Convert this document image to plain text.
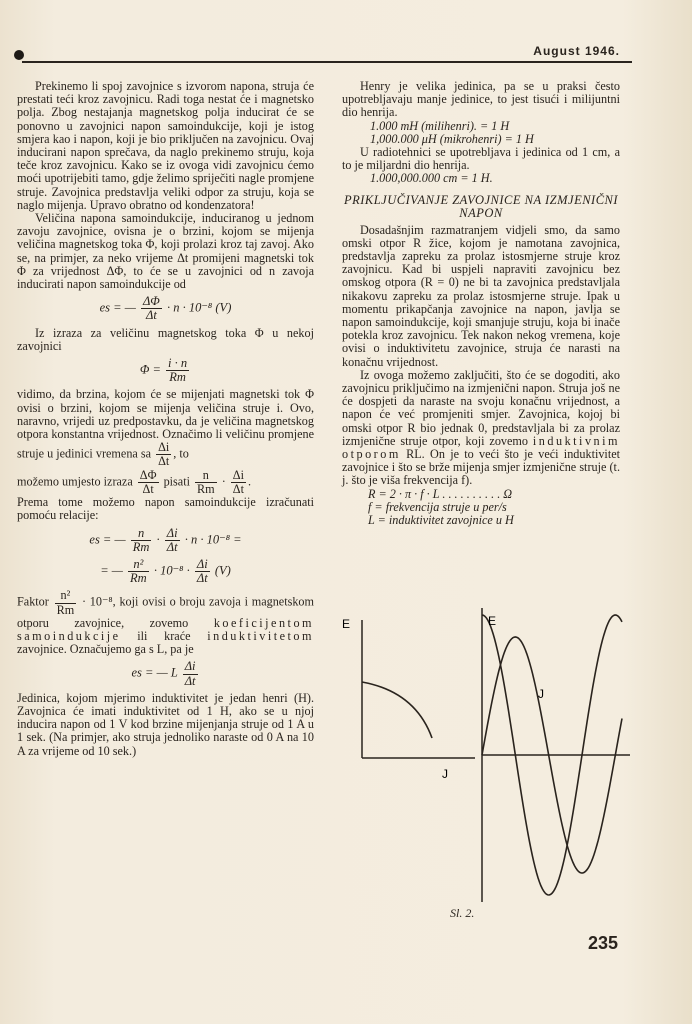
August 1946.

Prekinemo li spoj zavojnice s izvorom napona, struja će prestati teći kroz zavojnicu. Radi toga nestat će i magnetsko polja. Zbog nestajanja magnetskog polja inducirat će se ponovno u zavojnici napon samoindukcije, koji je istog smjera kao i napon, koji je bio priključen na zavojnicu. Ovaj inducirani napon sprečava, da naglo prekinemo struju, koja teče kroz zavojnicu. Kako se iz ovoga vidi zavojnicu ćemo moći upotrijebiti tamo, gdje želimo spriječiti nagle promjene struje. Zavojnica predstavlja veliki odpor za struju, koja se naglo mijenja. Upravo obratno od kondenzatora!

Veličina napona samoindukcije, induciranog u jednom zavoju zavojnice, ovisna je o brzini, kojom se mijenja veličina magnetskog toka Φ, koji prolazi kroz taj zavoj. Ako se, na primjer, za neko vrijeme Δt promijeni magnetski tok Φ za vrijednost ΔΦ, to će se u zavojnici od n zavoja inducirati napon samoindukcije od

es = — $\frac{\Delta\Phi}{\Delta t} \cdot n \cdot 10^{-8}$ (V)

Iz izraza za veličinu magnetskog toka Φ u nekoj zavojnici

$\Phi = \frac{i \cdot n}{Rm}$

vidimo, da brzina, kojom će se mijenjati magnetski tok Φ ovisi o brzini, kojom se mijenja veličina struje i. Ovo, naravno, vrijedi uz predpostavku, da je veličina magnetskog otpora konstantna vrijednost. Označimo li veličinu promjene struje u jedinici vremena sa $\frac{\Delta i}{\Delta t}$ , to

možemo umjesto izraza $\frac{\Delta\Phi}{\Delta t}$ pisati $\frac{n}{Rm} \cdot \frac{\Delta i}{\Delta t}$ .

Prema tome možemo napon samoindukcije izračunati pomoću relacije:

es = — $\frac{n}{Rm} \cdot \frac{\Delta i}{\Delta t} \cdot n \cdot 10^{-8}$ =
= — $\frac{\text{n²}}{Rm} \cdot 10^{-8} \cdot \frac{\Delta i}{\Delta t} (V)$

Faktor $\frac{\text{n²}}{Rm} \cdot 10^{-8}$, koji ovisi o broju zavoja i magnetskom otporu zavojnice, zovemo koeficijentom samoindukcije ili kraće induktivitetom zavojnice. Označujemo ga s L, pa je

es = — L $\frac{\Delta i}{\Delta t}$

Jedinica, kojom mjerimo induktivitet je jedan henri (H). Zavojnica će imati induktivitet od 1 H, ako se u njoj inducira napon od 1 V kod brzine mijenjanja struje od 1 A u 1 sek. (Na primjer, ako struja jednoliko naraste od 0 A na 10 A za vrijeme od 10 sek.)

Henry je velika jedinica, pa se u praksi često upotrebljavaju manje jedinice, to jest tisući i milijuntni dio henrija.

1.000 mH (milihenri). = 1 H
1,000.000 μH (mikrohenri) = 1 H

U radiotehnici se upotrebljava i jedinica od 1 cm, a to je miljardni dio henrija.

1.000,000.000 cm = 1 H.
PRIKLJUČIVANJE ZAVOJNICE NA IZMJENIČNI NAPON

Dosadašnjim razmatranjem vidjeli smo, da samo omski otpor R žice, kojom je namotana zavojnica, predstavlja zapreku za prolaz istosmjerne struje kroz zavojnicu. Kad bi uspjeli napraviti zavojnicu bez omskog otpora (R = 0) ne bi ta zavojnica predstavljala nikakovu zapreku za prolaz istosmjerne struje. Ipak u momentu prikapčanja zavojnice na napon, javlja se napon samoindukcije, koji smanjuje struju, koja bi inače potekla kroz zavojnicu. Tek nakon nekog vremena, koje ovisi o induktivitetu zavojnice, struja će narasti na konačnu vrijednost.

Iz ovoga možemo zaključiti, što će se dogoditi, ako zavojnicu priključimo na izmjenični napon. Struja još ne će dospjeti da naraste na svoju konačnu vrijednost, a napon će već promjeniti smjer. Zavojnica, kojoj bi omski otpor R bio jednak 0, predstavljala bi za prolaz izmjenične struje otpor, koji zovemo induktivnim otporom RL. On je to veći što je veći induktivitet zavojnice i što se brže mijenja smjer izmjenične struje (t. j. što je viša frekvencija f).

R = 2 · π · f · L . . . . . . . . . . Ω
f = frekvencija struje u per/s
L = induktivitet zavojnice u H
E
J
E
J
Sl. 2.
235
